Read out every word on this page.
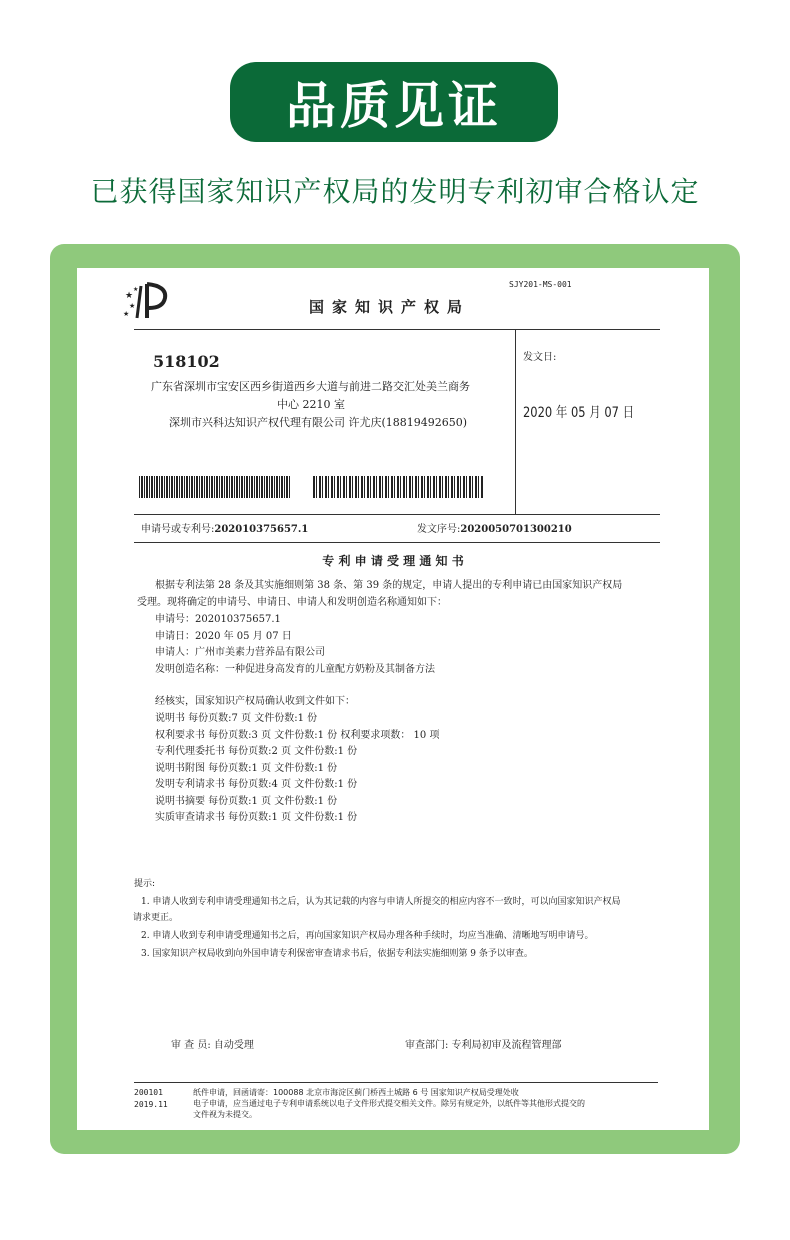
品质见证
已获得国家知识产权局的发明专利初审合格认定
★
★
★
★
SJY201-MS-001
国家知识产权局
518102
广东省深圳市宝安区西乡街道西乡大道与前进二路交汇处美兰商务
中心 2210 室
深圳市兴科达知识产权代理有限公司 许尤庆(18819492650)
发文日:
2020 年 05 月 07 日
申请号或专利号:202010375657.1	发文序号:2020050701300210
专 利 申 请 受 理 通 知 书
根据专利法第 28 条及其实施细则第 38 条、第 39 条的规定，申请人提出的专利申请已由国家知识产权局
受理。现将确定的申请号、申请日、申请人和发明创造名称通知如下：
申请号：202010375657.1
申请日：2020 年 05 月 07 日
申请人：广州市美素力营养品有限公司
发明创造名称：一种促进身高发育的儿童配方奶粉及其制备方法
经核实，国家知识产权局确认收到文件如下：
说明书 每份页数:7 页 文件份数:1 份
权利要求书 每份页数:3 页 文件份数:1 份 权利要求项数： 10 项
专利代理委托书 每份页数:2 页 文件份数:1 份
说明书附图 每份页数:1 页 文件份数:1 份
发明专利请求书 每份页数:4 页 文件份数:1 份
说明书摘要 每份页数:1 页 文件份数:1 份
实质审查请求书 每份页数:1 页 文件份数:1 份
提示:
1. 申请人收到专利申请受理通知书之后，认为其记载的内容与申请人所提交的相应内容不一致时，可以向国家知识产权局
请求更正。
2. 申请人收到专利申请受理通知书之后，再向国家知识产权局办理各种手续时，均应当准确、清晰地写明申请号。
3. 国家知识产权局收到向外国申请专利保密审查请求书后，依据专利法实施细则第 9 条予以审查。
审 查 员: 自动受理	审查部门: 专利局初审及流程管理部
200101
2019.11
纸件申请，回函请寄：100088 北京市海淀区蓟门桥西土城路 6 号 国家知识产权局受理处收
电子申请，应当通过电子专利申请系统以电子文件形式提交相关文件。除另有规定外，以纸件等其他形式提交的
文件视为未提交。
